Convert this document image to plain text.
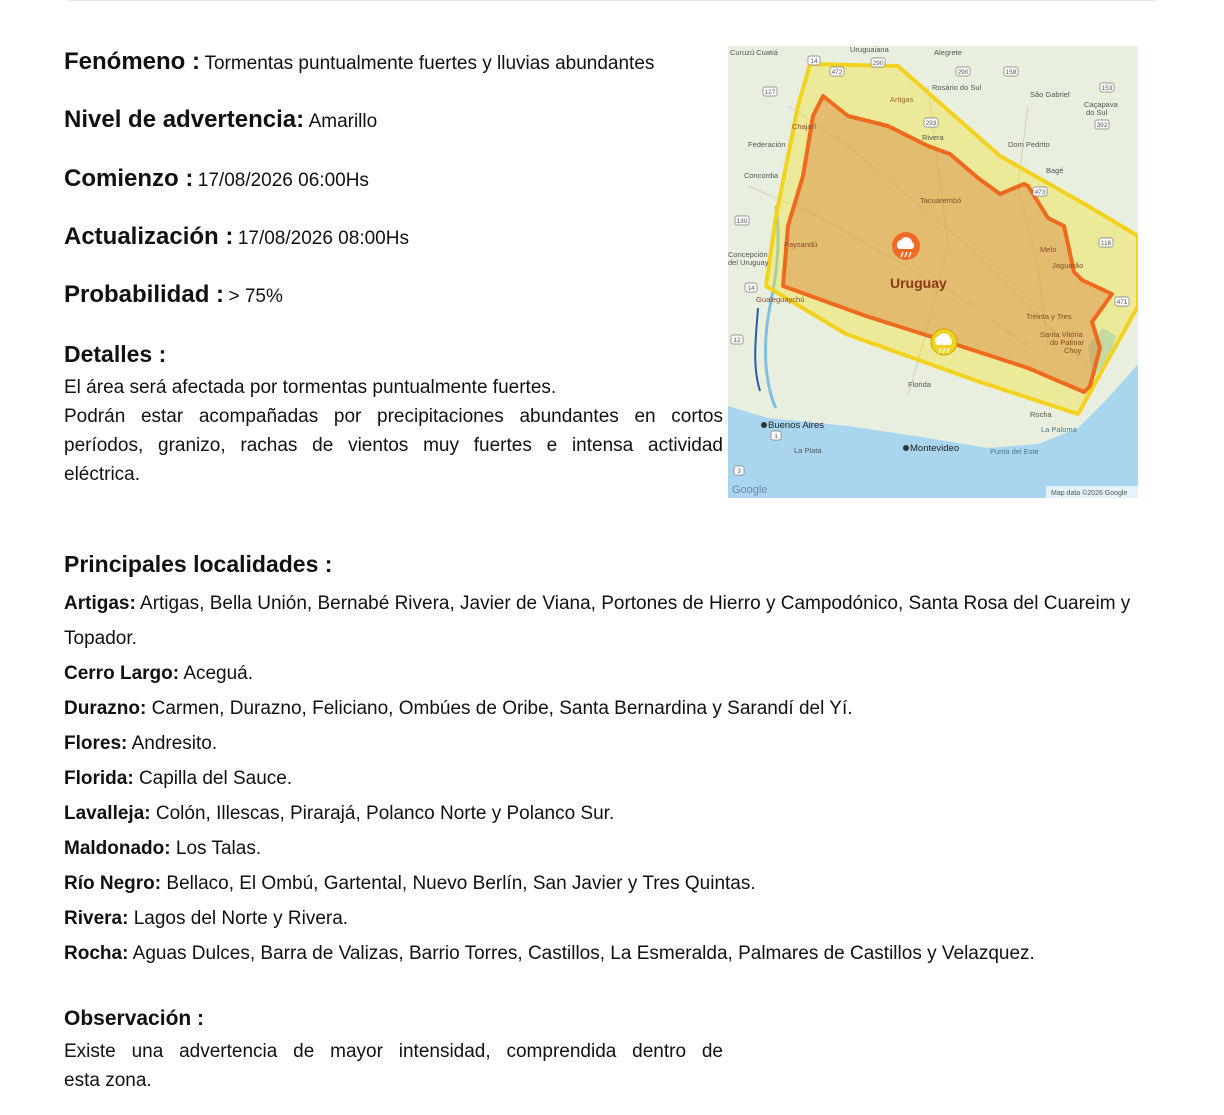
Fenómeno : Tormentas puntualmente fuertes y lluvias abundantes
Nivel de advertencia: Amarillo
Comienzo : 17/08/2026 06:00Hs
Actualización : 17/08/2026 08:00Hs
Probabilidad : > 75%
Detalles :
El área será afectada por tormentas puntualmente fuertes.
Podrán estar acompañadas por precipitaciones abundantes en cortos
períodos, granizo, rachas de vientos muy fuertes e intensa actividad
eléctrica.
14
472
290
290	158
153
392
127
293
473
130
116
14
471
12
1
3
Curuzú Cuatiá	Uruguaiana	Alegrete
Rosário do Sul
São Gabriel
Caçapava
do Sul
Artigas
Chajarí
Federación
Rivera
Dom Pedrito
Bagé
Concordia
Tacuarembó
Concepción
del Uruguay
Paysandú
Melo
Jaguarão
Gualeguaychú
Treinta y Tres
Santa Vitória
do Palmar
Chuy
Florida
Rocha
La Paloma
La Plata	Punta del Este
Buenos Aires
Montevideo
Uruguay
Google	Map data ©2026 Google
Principales localidades :
Artigas: Artigas, Bella Unión, Bernabé Rivera, Javier de Viana, Portones de Hierro y Campodónico, Santa Rosa del Cuareim y Topador.
Cerro Largo: Aceguá.
Durazno: Carmen, Durazno, Feliciano, Ombúes de Oribe, Santa Bernardina y Sarandí del Yí.
Flores: Andresito.
Florida: Capilla del Sauce.
Lavalleja: Colón, Illescas, Pirarajá, Polanco Norte y Polanco Sur.
Maldonado: Los Talas.
Río Negro: Bellaco, El Ombú, Gartental, Nuevo Berlín, San Javier y Tres Quintas.
Rivera: Lagos del Norte y Rivera.
Rocha: Aguas Dulces, Barra de Valizas, Barrio Torres, Castillos, La Esmeralda, Palmares de Castillos y Velazquez.
Observación :
Existe una advertencia de mayor intensidad, comprendida dentro de
esta zona.
